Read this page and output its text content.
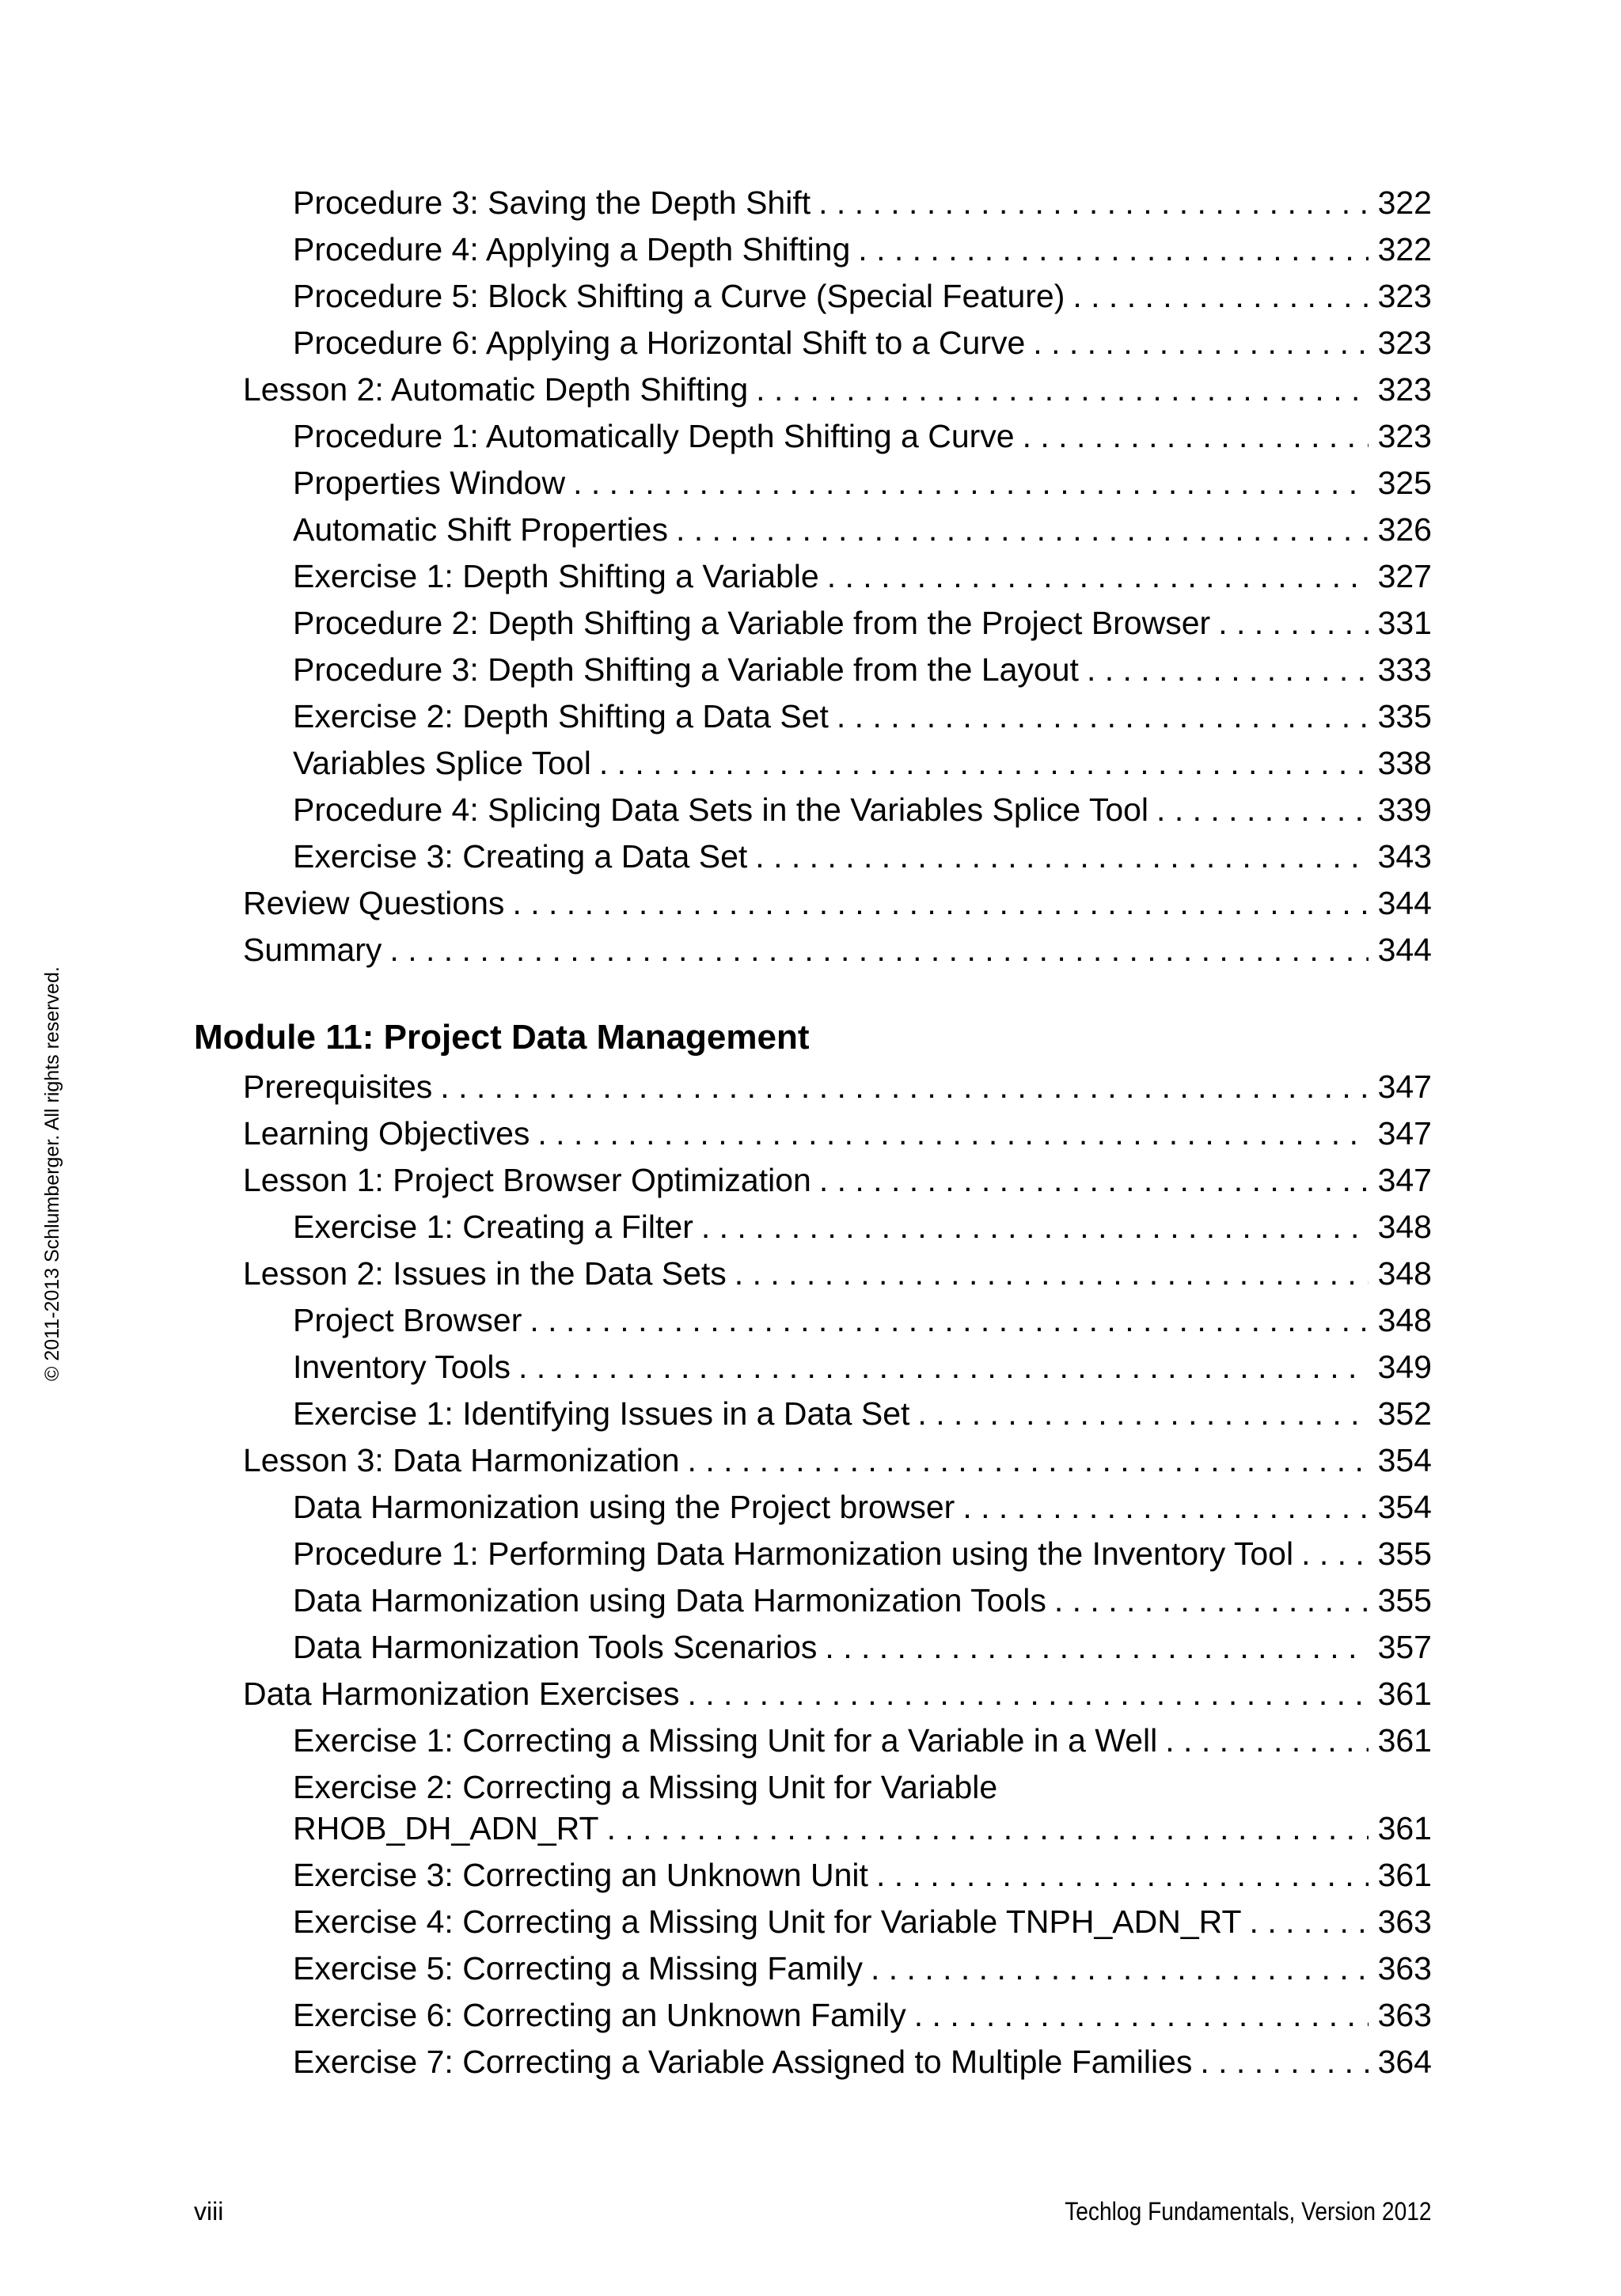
© 2011-2013 Schlumberger. All rights reserved.
Procedure 3: Saving the Depth Shift . . .	322
Procedure 4: Applying a Depth Shifting . . .	322
Procedure 5: Block Shifting a Curve (Special Feature) . . .	323
Procedure 6: Applying a Horizontal Shift to a Curve . . .	323
Lesson 2: Automatic Depth Shifting . . .	323
Procedure 1: Automatically Depth Shifting a Curve . . .	323
Properties Window . . .	325
Automatic Shift Properties . . .	326
Exercise 1: Depth Shifting a Variable . . .	327
Procedure 2: Depth Shifting a Variable from the Project Browser . . .	331
Procedure 3: Depth Shifting a Variable from the Layout . . .	333
Exercise 2: Depth Shifting a Data Set . . .	335
Variables Splice Tool . . .	338
Procedure 4: Splicing Data Sets in the Variables Splice Tool . . .	339
Exercise 3: Creating a Data Set . . .	343
Review Questions . . .	344
Summary . . .	344
Module 11: Project Data Management
Prerequisites . . .	347
Learning Objectives . . .	347
Lesson 1: Project Browser Optimization . . .	347
Exercise 1: Creating a Filter . . .	348
Lesson 2: Issues in the Data Sets . . .	348
Project Browser . . .	348
Inventory Tools . . .	349
Exercise 1: Identifying Issues in a Data Set . . .	352
Lesson 3: Data Harmonization . . .	354
Data Harmonization using the Project browser . . .	354
Procedure 1: Performing Data Harmonization using the Inventory Tool . . .	355
Data Harmonization using Data Harmonization Tools . . .	355
Data Harmonization Tools Scenarios . . .	357
Data Harmonization Exercises . . .	361
Exercise 1: Correcting a Missing Unit for a Variable in a Well . . .	361
Exercise 2: Correcting a Missing Unit for Variable
RHOB_DH_ADN_RT . . .	361
Exercise 3: Correcting an Unknown Unit . . .	361
Exercise 4: Correcting a Missing Unit for Variable TNPH_ADN_RT . . .	363
Exercise 5: Correcting a Missing Family . . .	363
Exercise 6: Correcting an Unknown Family . . .	363
Exercise 7: Correcting a Variable Assigned to Multiple Families . . .	364
viii	Techlog Fundamentals, Version 2012
